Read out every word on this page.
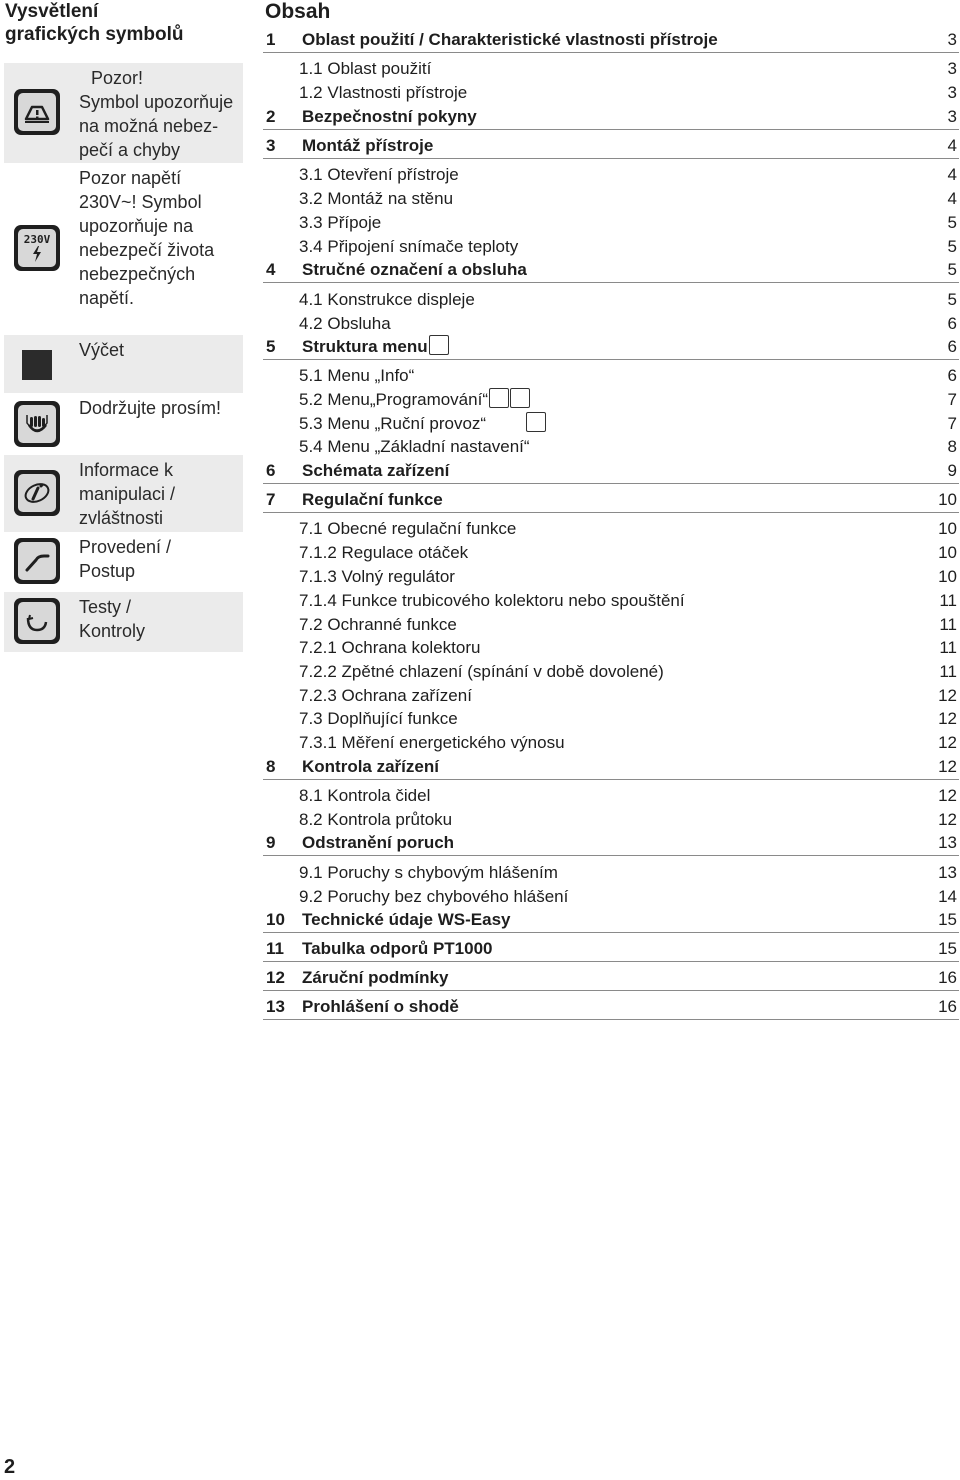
Vysvětlení
grafických symbolů
Pozor!
Symbol upozorňuje
na možná nebez-
pečí a chyby
230V
Pozor napětí
230V~! Symbol
upozorňuje na
nebezpečí života
nebezpečných
napětí.
Výčet
Dodržujte prosím!
Informace k
manipulaci /
zvláštnosti
Provedení /
Postup
Testy /
Kontroly
Obsah
1 Oblast použití / Charakteristické vlastnosti přístroje	3
1.1 Oblast použití	3
1.2 Vlastnosti přístroje	3
2 Bezpečnostní pokyny	3
3 Montáž přístroje	4
3.1 Otevření přístroje	4
3.2 Montáž na stěnu	4
3.3 Přípoje	5
3.4 Připojení snímače teploty	5
4 Stručné označení a obsluha	5
4.1 Konstrukce displeje	5
4.2 Obsluha	6
5 Struktura menu	6
5.1 Menu „Info“	6
5.2 Menu„Programování“	7
5.3 Menu „Ruční provoz“	7
5.4 Menu „Základní nastavení“	8
6 Schémata zařízení	9
7 Regulační funkce	10
7.1 Obecné regulační funkce	10
7.1.2 Regulace otáček	10
7.1.3 Volný regulátor	10
7.1.4 Funkce trubicového kolektoru nebo spouštění	11
7.2 Ochranné funkce	11
7.2.1 Ochrana kolektoru	11
7.2.2 Zpětné chlazení (spínání v době dovolené)	11
7.2.3 Ochrana zařízení	12
7.3 Doplňující funkce	12
7.3.1 Měření energetického výnosu	12
8 Kontrola zařízení	12
8.1 Kontrola čidel	12
8.2 Kontrola průtoku	12
9 Odstranění poruch	13
9.1 Poruchy s chybovým hlášením	13
9.2 Poruchy bez chybového hlášení	14
10 Technické údaje WS-Easy	15
11 Tabulka odporů PT1000	15
12 Záruční podmínky	16
13 Prohlášení o shodě	16
2
